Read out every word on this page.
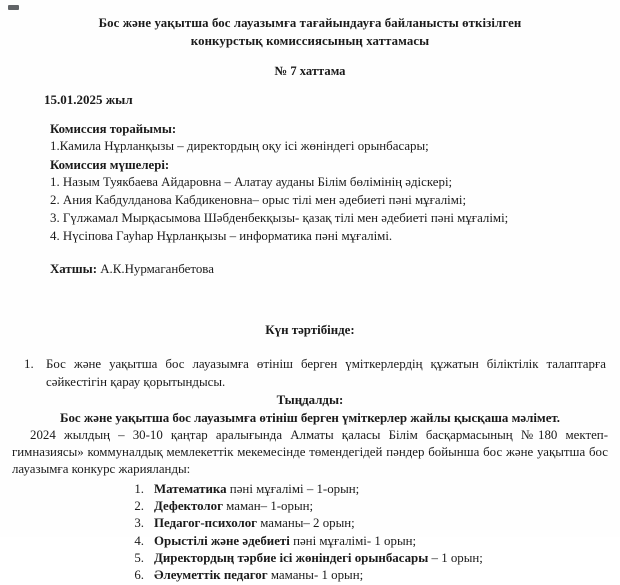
Бос және уақытша бос лауазымға тағайындауға байланысты өткізілген
конкурстық комиссиясының хаттамасы

№ 7 хаттама

15.01.2025 жыл

Комиссия торайымы:

1.Камила Нұрланқызы – директордың оқу ісі жөніндегі орынбасары;

Комиссия мүшелері:

1. Назым Туякбаева Айдаровна – Алатау ауданы Білім бөлімінің әдіскері;

2. Ания Кабдулданова Кабдикеновна– орыс тілі мен әдебиеті пәні мұғалімі;

3. Гүлжамал Мырқасымова Шәбденбекқызы- қазақ тілі мен әдебиеті пәні мұғалімі;

4. Нүсіпова Гауһар Нұрланқызы – информатика пәні мұғалімі.

Хатшы: А.К.Нурмаганбетова

Күн тәртібінде:

1. Бос және уақытша бос лауазымға өтініш берген үміткерлердің құжатын біліктілік талаптарға сәйкестігін қарау қорытындысы.

Тыңдалды:

Бос және уақытша бос лауазымға өтініш берген үміткерлер жайлы қысқаша мәлімет.

2024 жылдың – 30-10 қаңтар аралығында Алматы қаласы Білім басқармасының №180 мектеп-гимназиясы» коммуналдық мемлекеттік мекемесінде төмендегідей пәндер бойынша бос және уақытша бос лауазымға конкурс жарияланды:

1. Математика пәні мұғалімі – 1-орын;
2. Дефектолог маман– 1-орын;
3. Педагог-психолог маманы– 2 орын;
4. Орыстілі және әдебиеті пәні мұғалімі- 1 орын;
5. Директордың тәрбие ісі жөніндегі орынбасары – 1 орын;
6. Әлеуметтік педагог маманы- 1 орын;
